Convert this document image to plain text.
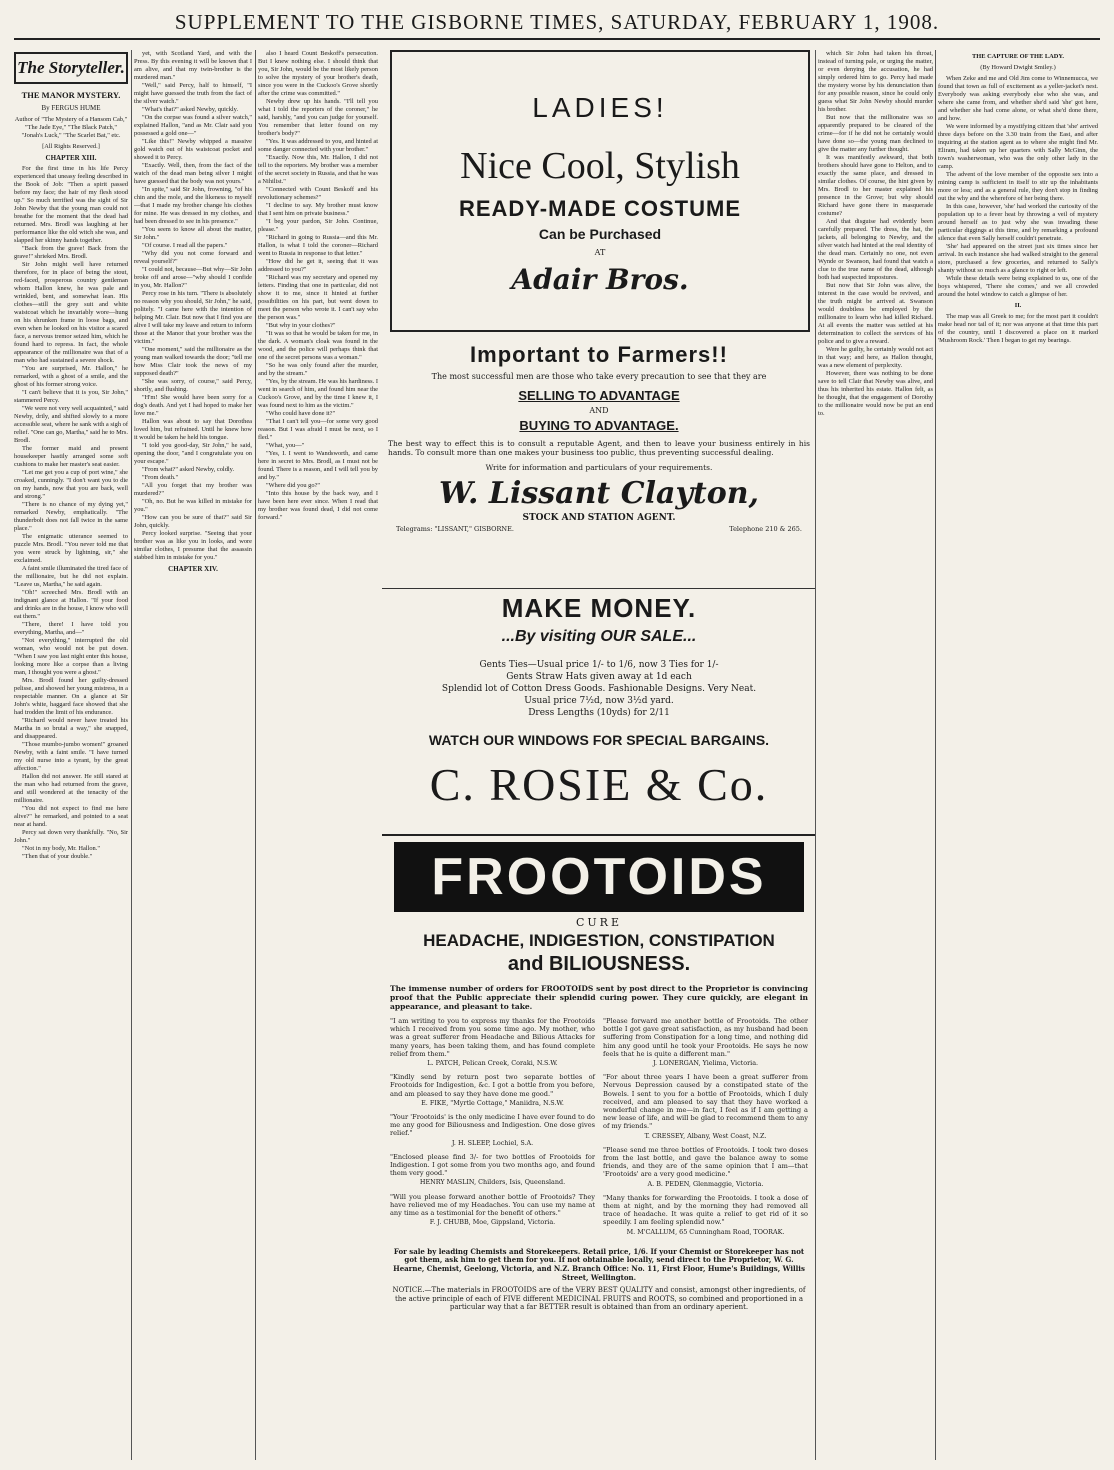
SUPPLEMENT TO THE GISBORNE TIMES, SATURDAY, FEBRUARY 1, 1908.
The Storyteller.
THE MANOR MYSTERY.
By FERGUS HUME
Author of "The Mystery of a Hansom Cab," "The Jade Eye," "The Black Patch," "Jonah's Luck," "The Scarlet Bat," etc.
[All Rights Reserved.]
CHAPTER XIII.

For the first time in his life Percy experienced that uneasy feeling described in the Book of Job: "Then a spirit passed before my face; the hair of my flesh stood up." So much terrified was the sight of Sir John Newby that the young man could not breathe for the moment that the dead had returned. Mrs. Brodl was laughing at her performance like the old witch she was, and slapped her skinny hands together.

"Back from the grave! Back from the grave!" shrieked Mrs. Brodl.

Sir John might well have returned therefore, for in place of being the stout, red-faced, prosperous country gentleman whom Hallon knew, he was pale and wrinkled, bent, and somewhat lean. His clothes—still the grey suit and white waistcoat which he invariably wore—hung on his shrunken frame in loose bags, and even when he looked on his visitor a scared face, a nervous tremor seized him, which he found hard to repress. In fact, the whole appearance of the millionaire was that of a man who had sustained a severe shock.

"You are surprised, Mr. Hallon," he remarked, with a ghost of a smile, and the ghost of his former strong voice.

"I can't believe that it is you, Sir John," stammered Percy.

"We were not very well acquainted," said Newby, drily, and shifted slowly to a more accessible seat, where he sank with a sigh of relief. "One can go, Martha," said he to Mrs. Brodl.

The former maid and present housekeeper hastily arranged some soft cushions to make her master's seat easier.

"Let me get you a cup of port wine," she croaked, cunningly. "I don't want you to die on my hands, now that you are back, well and strong."

"There is no chance of my dying yet," remarked Newby, emphatically. "The thunderbolt does not fall twice in the same place."

The enigmatic utterance seemed to puzzle Mrs. Brodl. "You never told me that you were struck by lightning, sir," she exclaimed.

A faint smile illuminated the tired face of the millionaire, but he did not explain. "Leave us, Martha," he said again.

"Oh!" screeched Mrs. Brodl with an indignant glance at Hallon. "If your food and drinks are in the house, I know who will eat them."

"There, there! I have told you everything, Martha, and—"

"Not everything," interrupted the old woman, who would not be put down. "When I saw you last night enter this house, looking more like a corpse than a living man, I thought you were a ghost."

Mrs. Brodl found her guilty-dressed pelisse, and showed her young mistress, in a respectable manner. On a glance at Sir John's white, haggard face showed that she had trodden the limit of his endurance.

"Richard would never have treated his Martha in so brutal a way," she snapped, and disappeared.

"Those mumbo-jumbo women!" groaned Newby, with a faint smile. "I have turned my old nurse into a tyrant, by the great affection."

Hallon did not answer. He still stared at the man who had returned from the grave, and still wondered at the tenacity of the millionaire.

"You did not expect to find me here alive?" he remarked, and pointed to a seat near at hand.

Percy sat down very thankfully. "No, Sir John."

"Not in my body, Mr. Hallon."

"Then that of your double."

yet, with Scotland Yard, and with the Press. By this evening it will be known that I am alive, and that my twin-brother is the murdered man."

"Well," said Percy, half to himself, "I might have guessed the truth from the fact of the silver watch."

"What's that?" asked Newby, quickly.

"On the corpse was found a silver watch," explained Hallon, "and as Mr. Clair said you possessed a gold one—"

"Like this!" Newby whipped a massive gold watch out of his waistcoat pocket and showed it to Percy.

"Exactly. Well, then, from the fact of the watch of the dead man being silver I might have guessed that the body was not yours."

"In spite," said Sir John, frowning, "of his chin and the mole, and the likeness to myself—that I made my brother change his clothes for mine. He was dressed in my clothes, and had been dressed to see in his presence."

"You seem to know all about the matter, Sir John."

"Of course. I read all the papers."

"Why did you not come forward and reveal yourself?"

"I could not, because—But why—Sir John broke off and arose—"why should I confide in you, Mr. Hallon?"

Percy rose in his turn. "There is absolutely no reason why you should, Sir John," he said, politely. "I came here with the intention of helping Mr. Clair. But now that I find you are alive I will take my leave and return to inform those at the Manor that your brother was the victim."

"One moment," said the millionaire as the young man walked towards the door; "tell me how Miss Clair took the news of my supposed death?"

"She was sorry, of course," said Percy, shortly, and flushing.

"H'm! She would have been sorry for a dog's death. And yet I had hoped to make her love me."

Hallon was about to say that Dorothea loved him, but refrained. Until he knew how it would be taken he held his tongue.

"I told you good-day, Sir John," he said, opening the door, "and I congratulate you on your escape."

"From what?" asked Newby, coldly.

"From death."

"All you forget that my brother was murdered?"

"Oh, no. But he was killed in mistake for you."

"How can you be sure of that?" said Sir John, quickly.

Percy looked surprise. "Seeing that your brother was as like you in looks, and wore similar clothes, I presume that the assassin stabbed him in mistake for you."

CHAPTER XIV.

also I heard Count Beskoff's persecution. But I knew nothing else. I should think that you, Sir John, would be the most likely person to solve the mystery of your brother's death, since you were in the Cuckoo's Grove shortly after the crime was committed."

Newby drew up his hands. "I'll tell you what I told the reporters of the coroner," he said, harshly, "and you can judge for yourself. You remember that letter found on my brother's body?"

"Yes. It was addressed to you, and hinted at some danger connected with your brother."

"Exactly. Now this, Mr. Hallon, I did not tell to the reporters. My brother was a member of the secret society in Russia, and that he was a Nihilist."

"Connected with Count Beskoff and his revolutionary schemes?"

"I decline to say. My brother must know that I sent him on private business."

"I beg your pardon, Sir John. Continue, please."

"Richard in going to Russia—and this Mr. Hallon, is what I told the coroner—Richard went to Russia in response to that letter."

"How did he get it, seeing that it was addressed to you?"

"Richard was my secretary and opened my letters. Finding that one in particular, did not show it to me, since it hinted at further possibilities on his part, but went down to meet the person who wrote it. I can't say who the person was."

"But why in your clothes?"

"It was so that he would be taken for me, in the dark. A woman's cloak was found in the wood, and the police will perhaps think that one of the secret persons was a woman."

"So he was only found after the murder, and by the stream."

"Yes, by the stream. He was his hardiness. I went in search of him, and found him near the Cuckoo's Grove, and by the time I knew it, I was found next to him as the victim."

"Who could have done it?"

"That I can't tell you—for some very good reason. But I was afraid I must be next, so I fled."

"What, you—"

"Yes, I. I went to Wandsworth, and came here in secret to Mrs. Brodl, as I must not be found. There is a reason, and I will tell you by and by."

"Where did you go?"

"Into this house by the back way, and I have been here ever since. When I read that my brother was found dead, I did not come forward."

LADIES!
Nice Cool, Stylish
READY-MADE COSTUME
Can be Purchased
AT
Adair Bros.
Important to Farmers!!
The most successful men are those who take every precaution to see that they are
SELLING TO ADVANTAGE
AND
BUYING TO ADVANTAGE.
The best way to effect this is to consult a reputable Agent, and then to leave your business entirely in his hands. To consult more than one makes your business too public, thus preventing successful dealing.
Write for information and particulars of your requirements.
W. Lissant Clayton,
STOCK AND STATION AGENT.
Telegrams: "LISSANT," GISBORNE.	Telephone 210 & 265.
MAKE MONEY.
...By visiting OUR SALE...
Gents Ties—Usual price 1/- to 1/6, now 3 Ties for 1/-
Gents Straw Hats given away at 1d each
Splendid lot of Cotton Dress Goods. Fashionable Designs. Very Neat.
Usual price 7½d, now 3½d yard.
Dress Lengths (10yds) for 2/11
WATCH OUR WINDOWS FOR SPECIAL BARGAINS.
C. ROSIE & Co.
FROOTOIDS
CURE
HEADACHE, INDIGESTION, CONSTIPATION
and BILIOUSNESS.
The immense number of orders for FROOTOIDS sent by post direct to the Proprietor is convincing proof that the Public appreciate their splendid curing power. They cure quickly, are elegant in appearance, and pleasant to take.
"I am writing to you to express my thanks for the Frootoids which I received from you some time ago. My mother, who was a great sufferer from Headache and Bilious Attacks for many years, has been taking them, and has found complete relief from them."
L. PATCH, Pelican Creek, Coraki, N.S.W.
"Kindly send by return post two separate bottles of Frootoids for Indigestion, &c. I got a bottle from you before, and am pleased to say they have done me good."
E. FIKE, "Myrtle Cottage," Maniidra, N.S.W.
"Your 'Frootoids' is the only medicine I have ever found to do me any good for Biliousness and Indigestion. One dose gives relief."
J. H. SLEEP, Lochiel, S.A.
"Enclosed please find 3/- for two bottles of Frootoids for Indigestion. I got some from you two months ago, and found them very good."
HENRY MASLIN, Childers, Isis, Queensland.
"Will you please forward another bottle of Frootoids? They have relieved me of my Headaches. You can use my name at any time as a testimonial for the benefit of others."
F. J. CHUBB, Moe, Gippsland, Victoria.
"Please forward me another bottle of Frootoids. The other bottle I got gave great satisfaction, as my husband had been suffering from Constipation for a long time, and nothing did him any good until he took your Frootoids. He says he now feels that he is quite a different man."
J. LONERGAN, Yielima, Victoria.
"For about three years I have been a great sufferer from Nervous Depression caused by a constipated state of the Bowels. I sent to you for a bottle of Frootoids, which I duly received, and am pleased to say that they have worked a wonderful change in me—in fact, I feel as if I am getting a new lease of life, and will be glad to recommend them to any of my friends."
T. CRESSEY, Albany, West Coast, N.Z.
"Please send me three bottles of Frootoids. I took two doses from the last bottle, and gave the balance away to some friends, and they are of the same opinion that I am—that 'Frootoids' are a very good medicine."
A. B. PEDEN, Glenmaggie, Victoria.
"Many thanks for forwarding the Frootoids. I took a dose of them at night, and by the morning they had removed all trace of headache. It was quite a relief to get rid of it so speedily. I am feeling splendid now."
M. M'CALLUM, 65 Cunningham Road, TOORAK.
For sale by leading Chemists and Storekeepers. Retail price, 1/6. If your Chemist or Storekeeper has not got them, ask him to get them for you. If not obtainable locally, send direct to the Proprietor, W. G. Hearne, Chemist, Geelong, Victoria, and N.Z. Branch Office: No. 11, First Floor, Hume's Buildings, Willis Street, Wellington.
NOTICE.—The materials in FROOTOIDS are of the VERY BEST QUALITY and consist, amongst other ingredients, of the active principle of each of FIVE different MEDICINAL FRUITS and ROOTS, so combined and proportioned in a particular way that a far BETTER result is obtained than from an ordinary aperient.

which Sir John had taken his throat, instead of turning pale, or urging the matter, or even denying the accusation, he had simply ordered him to go. Percy had made the mystery worse by his denunciation than for any possible reason, since he could only guess what Sir John Newby should murder his brother.

But now that the millionaire was so apparently prepared to be cleared of the crime—for if he did not he certainly would have done so—the young man declined to give the matter any further thought.

It was manifestly awkward, that both brothers should have gone to Helton, and to exactly the same place, and dressed in similar clothes. Of course, the hint given by Mrs. Brodl to her master explained his presence in the Grove; but why should Richard have gone there in masquerade costume?

And that disguise had evidently been carefully prepared. The dress, the hat, the jackets, all belonging to Newby, and the silver watch had hinted at the real identity of the dead man. Certainly no one, not even Wynde or Swanson, had found that watch a clue to the true name of the dead, although both had suspected impostures.

But now that Sir John was alive, the interest in the case would be revived, and the truth might be arrived at. Swanson would doubtless be employed by the millionaire to learn who had killed Richard. At all events the matter was settled at his determination to collect the services of his police and to give a reward.

Were he guilty, he certainly would not act in that way; and here, as Hallon thought, was a new element of perplexity.

However, there was nothing to be done save to tell Clair that Newby was alive, and thus his inherited his estate. Hallon felt, as he thought, that the engagement of Dorothy to the millionaire would now be put an end to.

THE CAPTURE OF THE LADY.

(By Howard Dwight Smiley.)

When Zeke and me and Old Jim come to Winnemucca, we found that town as full of excitement as a yeller-jacket's nest. Everybody was asking everybody else who she was, and where she came from, and whether she'd said 'she' got here, and whether she had come alone, or what she'd done there, and how.

We were informed by a mystifying citizen that 'she' arrived three days before on the 3.30 train from the East, and after inquiring at the station agent as to where she might find Mr. Eliram, had taken up her quarters with Sally McGinn, the town's washerwoman, who was the only other lady in the camp.

The advent of the love member of the opposite sex into a mining camp is sufficient in itself to stir up the inhabitants more or less; and as a general rule, they don't stop in finding out the why and the wherefore of her being there.

In this case, however, 'she' had worked the curiosity of the population up to a fever heat by throwing a veil of mystery around herself as to just why she was invading these particular diggings at this time, and by remarking a profound silence that even Sally herself couldn't penetrate.

'She' had appeared on the street just six times since her arrival. In each instance she had walked straight to the general store, purchased a few groceries, and returned to Sally's shanty without so much as a glance to right or left.

While these details were being explained to us, one of the boys whispered, 'There she comes,' and we all crowded around the hotel window to catch a glimpse of her.

II.

The map was all Greek to me; for the most part it couldn't make head nor tail of it; nor was anyone at that time this part of the country, until I discovered a place on it marked 'Mushroom Rock.' Then I began to get my bearings.
